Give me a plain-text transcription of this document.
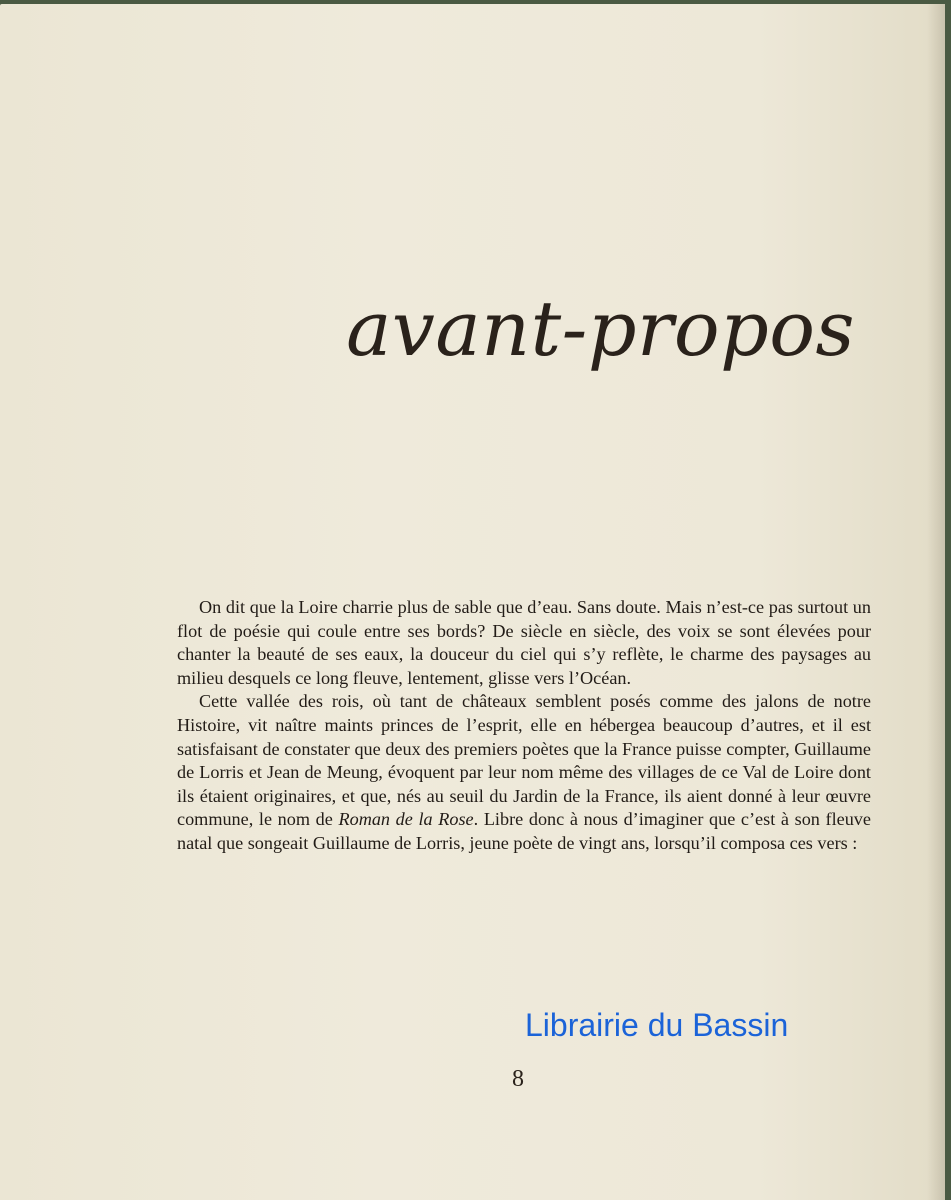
avant-propos

On dit que la Loire charrie plus de sable que d’eau. Sans doute. Mais n’est-ce pas surtout un flot de poésie qui coule entre ses bords? De siècle en siècle, des voix se sont élevées pour chanter la beauté de ses eaux, la douceur du ciel qui s’y reflète, le charme des paysages au milieu desquels ce long fleuve, lentement, glisse vers l’Océan.

Cette vallée des rois, où tant de châteaux semblent posés comme des jalons de notre Histoire, vit naître maints princes de l’esprit, elle en hébergea beaucoup d’autres, et il est satisfaisant de constater que deux des premiers poètes que la France puisse compter, Guillaume de Lorris et Jean de Meung, évoquent par leur nom même des villages de ce Val de Loire dont ils étaient originaires, et que, nés au seuil du Jardin de la France, ils aient donné à leur œuvre commune, le nom de Roman de la Rose. Libre donc à nous d’imaginer que c’est à son fleuve natal que songeait Guillaume de Lorris, jeune poète de vingt ans, lorsqu’il composa ces vers :

Librairie du Bassin
8
